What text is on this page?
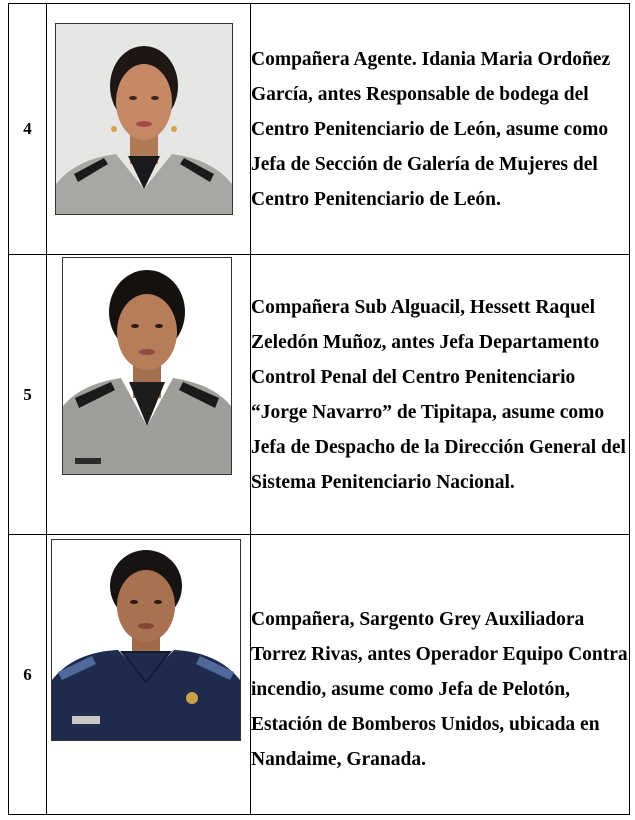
4		Compañera Agente. Idania Maria Ordoñez García, antes Responsable de bodega del Centro Penitenciario de León, asume como Jefa de Sección de Galería de Mujeres del Centro Penitenciario de León.
5		Compañera Sub Alguacil, Hessett Raquel Zeledón Muñoz, antes Jefa Departamento Control Penal del Centro Penitenciario “Jorge Navarro” de Tipitapa, asume como Jefa de Despacho de la Dirección General del Sistema Penitenciario Nacional.
6		Compañera, Sargento Grey Auxiliadora Torrez Rivas, antes Operador Equipo Contra incendio, asume como Jefa de Pelotón, Estación de Bomberos Unidos, ubicada en Nandaime, Granada.
